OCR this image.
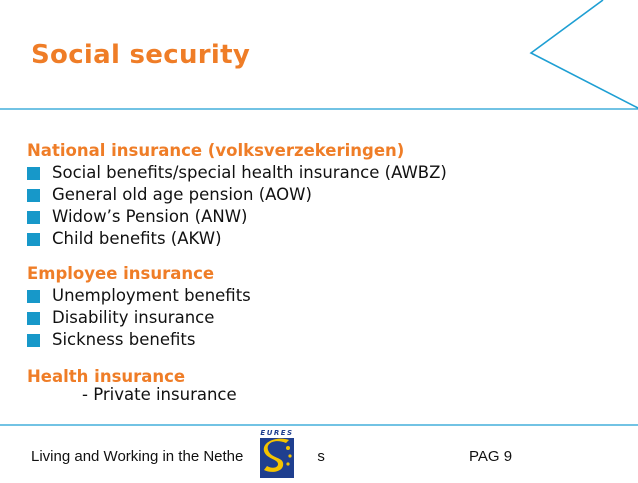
Social security
National insurance (volksverzekeringen)
Social benefits/special health insurance (AWBZ)
General old age pension (AOW)
Widow’s Pension (ANW)
Child benefits (AKW)
Employee insurance
Unemployment benefits
Disability insurance
Sickness benefits
Health insurance
- Private insurance
Living and Working in the Nethe	s	PAG 9
EURES
